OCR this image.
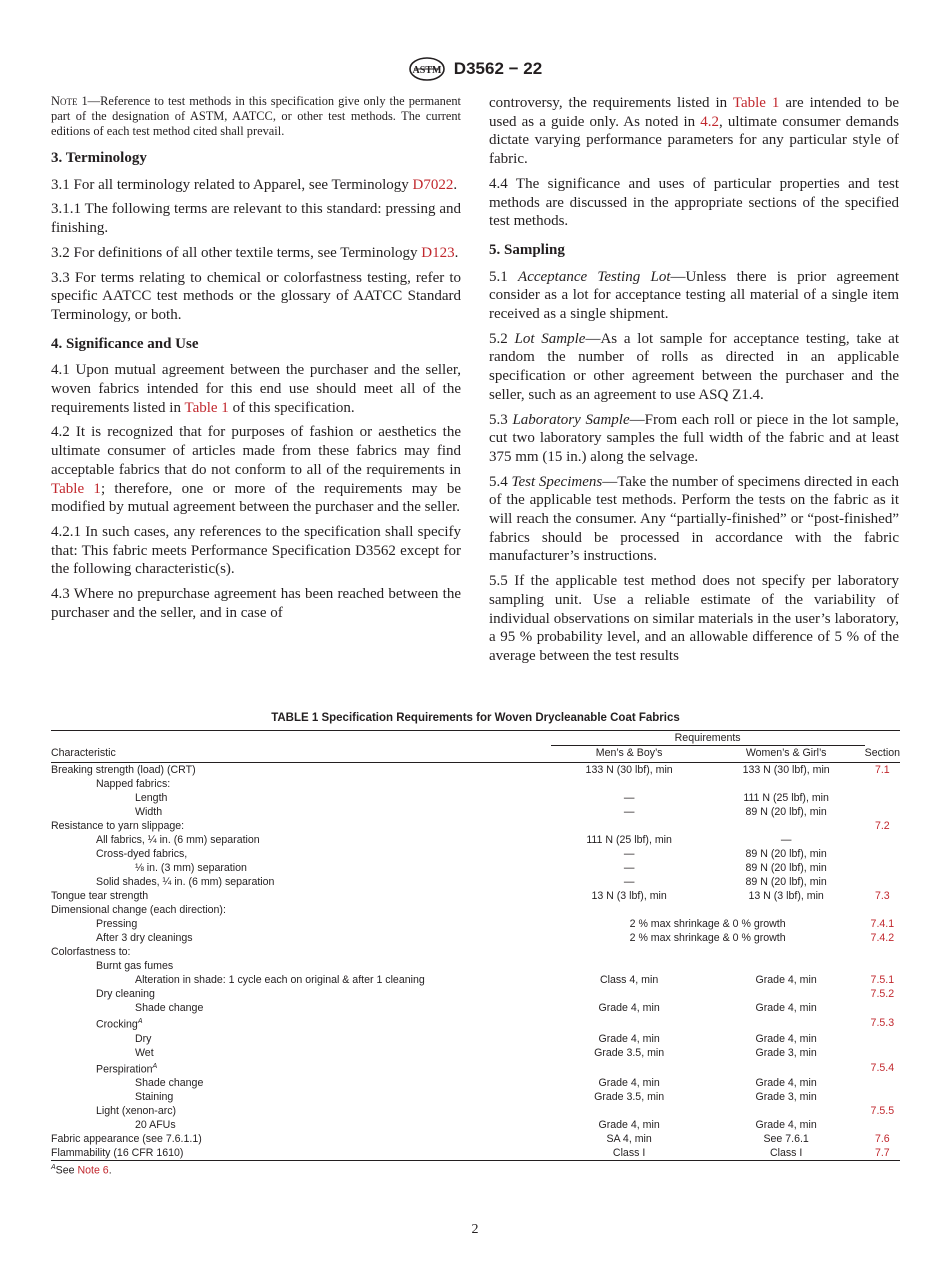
ASTM D3562 − 22

Note 1—Reference to test methods in this specification give only the permanent part of the designation of ASTM, AATCC, or other test methods. The current editions of each test method cited shall prevail.

3. Terminology

3.1 For all terminology related to Apparel, see Terminology D7022.

3.1.1 The following terms are relevant to this standard: pressing and finishing.

3.2 For definitions of all other textile terms, see Terminology D123.

3.3 For terms relating to chemical or colorfastness testing, refer to specific AATCC test methods or the glossary of AATCC Standard Terminology, or both.

4. Significance and Use

4.1 Upon mutual agreement between the purchaser and the seller, woven fabrics intended for this end use should meet all of the requirements listed in Table 1 of this specification.

4.2 It is recognized that for purposes of fashion or aesthetics the ultimate consumer of articles made from these fabrics may find acceptable fabrics that do not conform to all of the requirements in Table 1; therefore, one or more of the requirements may be modified by mutual agreement between the purchaser and the seller.

4.2.1 In such cases, any references to the specification shall specify that: This fabric meets Performance Specification D3562 except for the following characteristic(s).

4.3 Where no prepurchase agreement has been reached between the purchaser and the seller, and in case of

controversy, the requirements listed in Table 1 are intended to be used as a guide only. As noted in 4.2, ultimate consumer demands dictate varying performance parameters for any particular style of fabric.

4.4 The significance and uses of particular properties and test methods are discussed in the appropriate sections of the specified test methods.

5. Sampling

5.1 Acceptance Testing Lot—Unless there is prior agreement consider as a lot for acceptance testing all material of a single item received as a single shipment.

5.2 Lot Sample—As a lot sample for acceptance testing, take at random the number of rolls as directed in an applicable specification or other agreement between the purchaser and the seller, such as an agreement to use ASQ Z1.4.

5.3 Laboratory Sample—From each roll or piece in the lot sample, cut two laboratory samples the full width of the fabric and at least 375 mm (15 in.) along the selvage.

5.4 Test Specimens—Take the number of specimens directed in each of the applicable test methods. Perform the tests on the fabric as it will reach the consumer. Any “partially-finished” or “post-finished” fabrics should be processed in accordance with the fabric manufacturer’s instructions.

5.5 If the applicable test method does not specify per laboratory sampling unit. Use a reliable estimate of the variability of individual observations on similar materials in the user’s laboratory, a 95 % probability level, and an allowable difference of 5 % of the average between the test results

TABLE 1 Specification Requirements for Woven Drycleanable Coat Fabrics
	Requirements		
Characteristic	Men’s & Boy’s	Women’s & Girl’s	Section
Breaking strength (load) (CRT)	133 N (30 lbf), min	133 N (30 lbf), min	7.1
Napped fabrics:			
Length	—	111 N (25 lbf), min	
Width	—	89 N (20 lbf), min	
Resistance to yarn slippage:			7.2
All fabrics, ¼ in. (6 mm) separation	111 N (25 lbf), min	—	
Cross-dyed fabrics,	—	89 N (20 lbf), min	
⅛ in. (3 mm) separation	—	89 N (20 lbf), min	
Solid shades, ¼ in. (6 mm) separation	—	89 N (20 lbf), min	
Tongue tear strength	13 N (3 lbf), min	13 N (3 lbf), min	7.3
Dimensional change (each direction):			
Pressing	2 % max shrinkage & 0 % growth		7.4.1
After 3 dry cleanings	2 % max shrinkage & 0 % growth		7.4.2
Colorfastness to:			
Burnt gas fumes			
Alteration in shade: 1 cycle each on original & after 1 cleaning	Class 4, min	Grade 4, min	7.5.1
Dry cleaning			7.5.2
Shade change	Grade 4, min	Grade 4, min	
Crocking$^A$			7.5.3
Dry	Grade 4, min	Grade 4, min	
Wet	Grade 3.5, min	Grade 3, min	
Perspiration$^A$			7.5.4
Shade change	Grade 4, min	Grade 4, min	
Staining	Grade 3.5, min	Grade 3, min	
Light (xenon-arc)			7.5.5
20 AFUs	Grade 4, min	Grade 4, min	
Fabric appearance (see 7.6.1.1)	SA 4, min	See 7.6.1	7.6
Flammability (16 CFR 1610)	Class I	Class I	7.7
$^A$See Note 6.
2
